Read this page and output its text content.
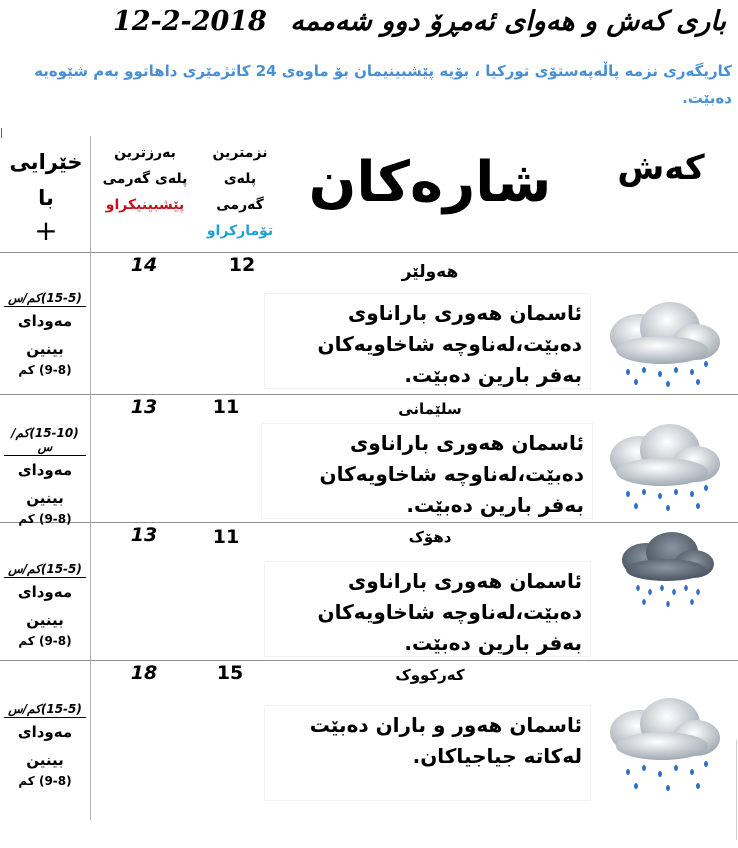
باری کەش و هەوای ئەمڕۆ دوو شەممە 12-2-2018
کاریگەری نزمە پاڵەپەستۆی تورکیا ، بۆیە پێشبینیمان بۆ ماوەی 24 کاتژمێری داهاتوو بەم شێوەیە دەبێت.
کەش
شارەکان
نزمترین
پلەی
گەرمی
تۆمارکراو
بەرزترین
پلەی گەرمی
پێشبینیکراو
خێرایی
با
+
هەولێر
12
14
ئاسمان هەوری باراناوی دەبێت،لەناوچە شاخاویەکان بەفر بارین دەبێت.
(15-5)کم/س
مەودای
بینین
(9-8) کم
سلێمانی
11
13
ئاسمان هەوری باراناوی دەبێت،لەناوچە شاخاویەکان بەفر بارین دەبێت.
(15-10)کم/س
مەودای
بینین
(9-8) کم
دهۆک
11
13
ئاسمان هەوری باراناوی دەبێت،لەناوچە شاخاویەکان بەفر بارین دەبێت.
(15-5)کم/س
مەودای
بینین
(9-8) کم
کەرکووک
15
18
ئاسمان هەور و باران دەبێت لەکاتە جیاجیاکان.
(15-5)کم/س
مەودای
بینین
(9-8) کم
